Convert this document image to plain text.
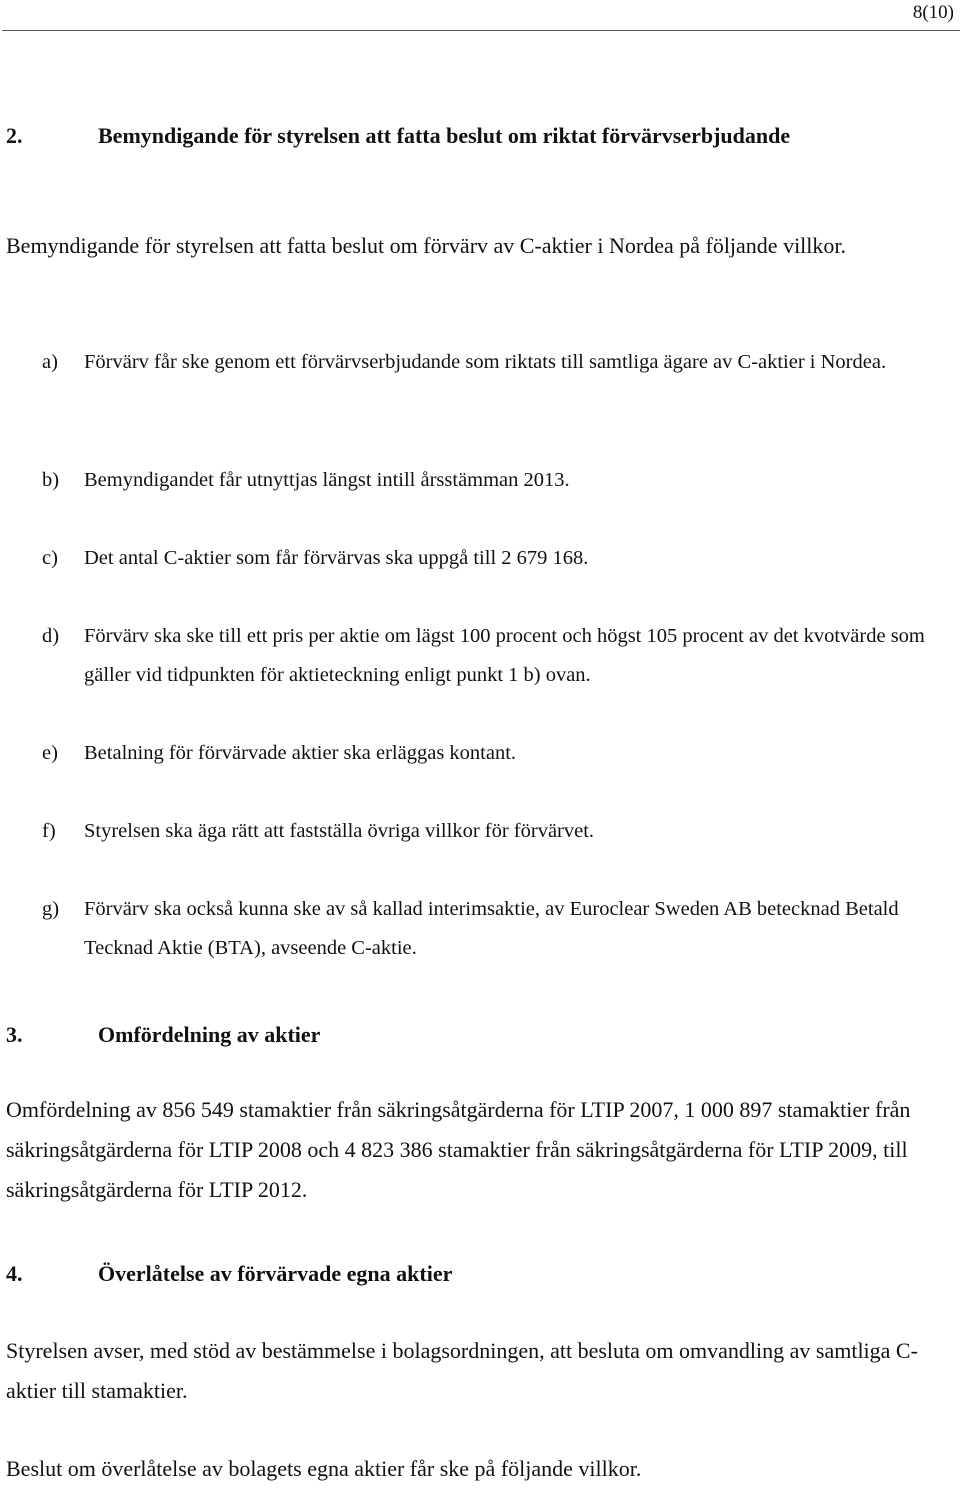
8(10)
2.	Bemyndigande för styrelsen att fatta beslut om riktat förvärvserbjudande
Bemyndigande för styrelsen att fatta beslut om förvärv av C-aktier i Nordea på följande villkor.
a) Förvärv får ske genom ett förvärvserbjudande som riktats till samtliga ägare av C-aktier i Nordea.
b) Bemyndigandet får utnyttjas längst intill årsstämman 2013.
c) Det antal C-aktier som får förvärvas ska uppgå till 2 679 168.
d) Förvärv ska ske till ett pris per aktie om lägst 100 procent och högst 105 procent av det kvotvärde som gäller vid tidpunkten för aktieteckning enligt punkt 1 b) ovan.
e) Betalning för förvärvade aktier ska erläggas kontant.
f) Styrelsen ska äga rätt att fastställa övriga villkor för förvärvet.
g) Förvärv ska också kunna ske av så kallad interimsaktie, av Euroclear Sweden AB betecknad Betald Tecknad Aktie (BTA), avseende C-aktie.
3.	Omfördelning av aktier
Omfördelning av 856 549 stamaktier från säkringsåtgärderna för LTIP 2007, 1 000 897 stamaktier från säkringsåtgärderna för LTIP 2008 och 4 823 386 stamaktier från säkringsåtgärderna för LTIP 2009, till säkringsåtgärderna för LTIP 2012.
4.	Överlåtelse av förvärvade egna aktier
Styrelsen avser, med stöd av bestämmelse i bolagsordningen, att besluta om omvandling av samtliga C-aktier till stamaktier.
Beslut om överlåtelse av bolagets egna aktier får ske på följande villkor.
